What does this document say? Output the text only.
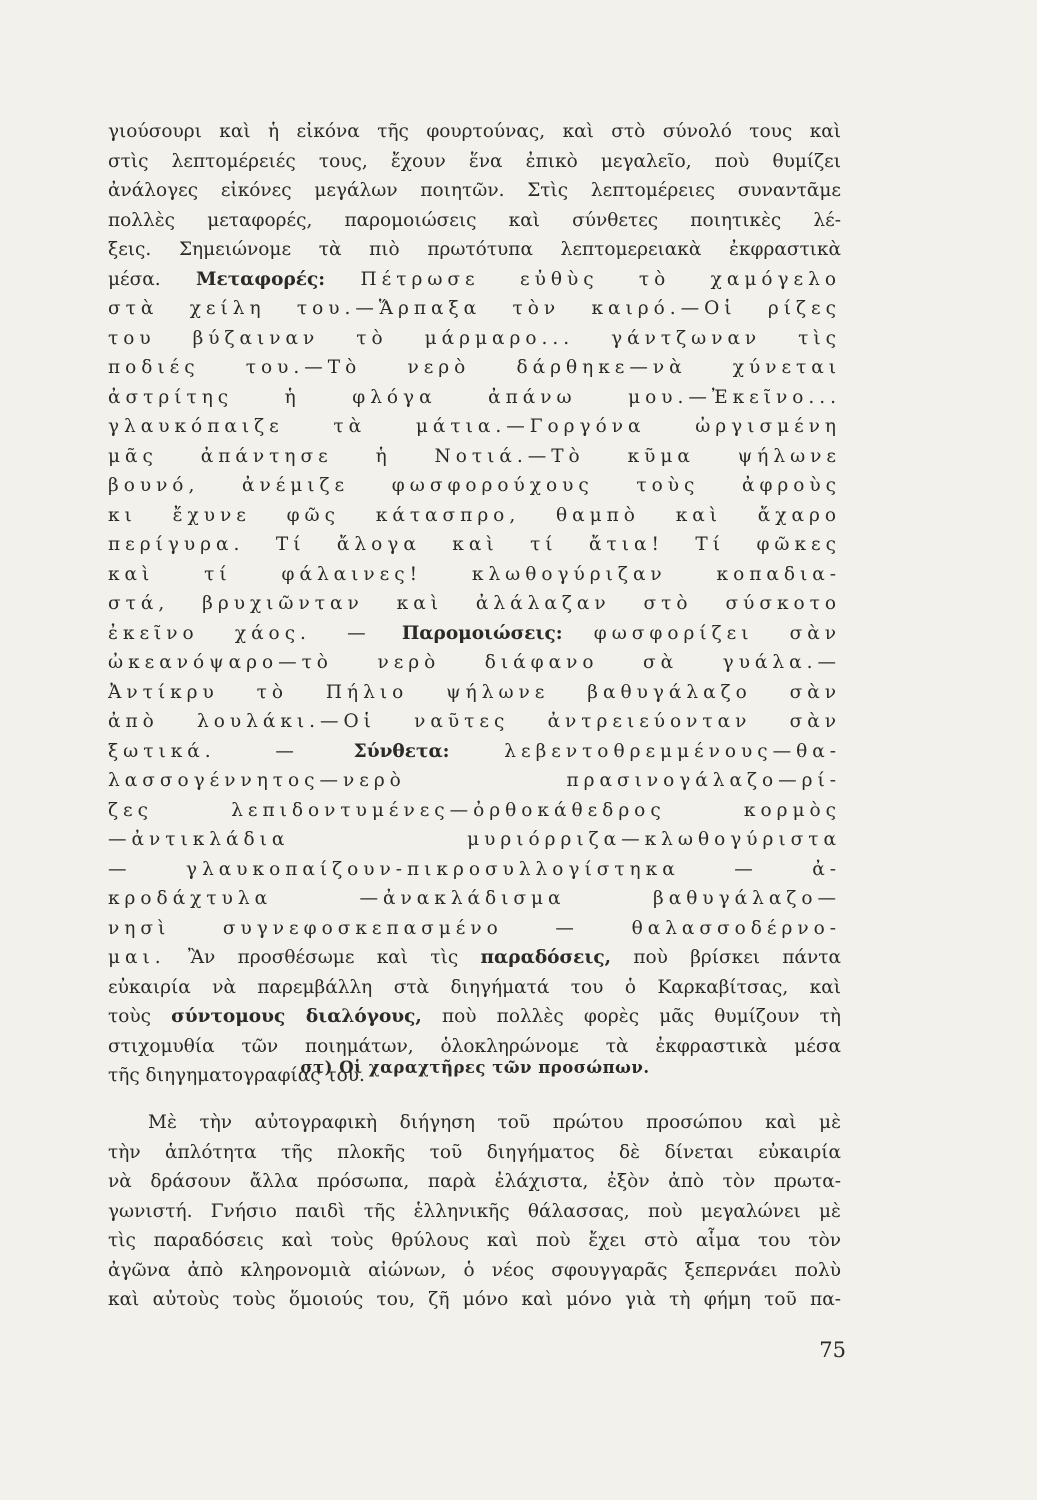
γιούσουρι καὶ ἡ εἰκόνα τῆς φουρτούνας, καὶ στὸ σύνολό τους καὶ
στὶς λεπτομέρειές τους, ἔχουν ἕνα ἐπικὸ μεγαλεῖο, ποὺ θυμίζει
ἀνάλογες εἰκόνες μεγάλων ποιητῶν. Στὶς λεπτομέρειες συναντᾶμε
πολλὲς μεταφορές, παρομοιώσεις καὶ σύνθετες ποιητικὲς λέ-
ξεις. Σημειώνομε τὰ πιὸ πρωτότυπα λεπτομερειακὰ ἐκφραστικὰ
μέσα. Μεταφορές: Πέτρωσε εὐθὺς τὸ χαμόγελο
στὰ χείλη του.—Ἅρπαξα τὸν καιρό.—Οἱ ρίζες
του βύζαιναν τὸ μάρμαρο... γάντζωναν τὶς
ποδιές του.—Τὸ νερὸ δάρθηκε—νὰ χύνεται
ἀστρίτης ἡ φλόγα ἀπάνω μου.—Ἐκεῖνο...
γλαυκόπαιζε τὰ μάτια.—Γοργόνα ὠργισμένη
μᾶς ἀπάντησε ἡ Νοτιά.—Τὸ κῦμα ψήλωνε
βουνό, ἀνέμιζε φωσφορούχους τοὺς ἀφροὺς
κι ἔχυνε φῶς κάτασπρο, θαμπὸ καὶ ἄχαρο
περίγυρα. Τί ἄλογα καὶ τί ἄτια! Τί φῶκες
καὶ τί φάλαινες! κλωθογύριζαν κοπαδια-
στά, βρυχιῶνταν καὶ ἀλάλαζαν στὸ σύσκοτο
ἐκεῖνο χάος. — Παρομοιώσεις: φωσφορίζει σὰν
ὠκεανόψαρο—τὸ νερὸ διάφανο σὰ γυάλα.—
Ἀντίκρυ τὸ Πήλιο ψήλωνε βαθυγάλαζο σὰν
ἀπὸ λουλάκι.—Οἱ ναῦτες ἀντρειεύονταν σὰν
ξωτικά. —	Σύνθετα:	λεβεντοθρεμμένους—θα-
λασσογέννητος—νερὸ πρασινογάλαζο—ρί-
ζες λεπιδοντυμένες—ὀρθοκάθεδρος κορμὸς
—ἀντικλάδια μυριόρριζα—κλωθογύριστα
— γλαυκοπαίζουν-πικροσυλλογίστηκα — ἀ-
κροδάχτυλα —ἀνακλάδισμα βαθυγάλαζο—
νησὶ συγνεφοσκεπασμένο — θαλασσοδέρνο-
μαι. Ἂν προσθέσωμε καὶ τὶς παραδόσεις, ποὺ βρίσκει πάντα
εὐκαιρία νὰ παρεμβάλλη στὰ διηγήματά του ὁ Καρκαβίτσας, καὶ
τοὺς σύντομους διαλόγους, ποὺ πολλὲς φορὲς μᾶς θυμίζουν τὴ
στιχομυθία τῶν ποιημάτων, ὁλοκληρώνομε τὰ ἐκφραστικὰ μέσα
τῆς διηγηματογραφίας του.
στ) Οἱ χαραχτῆρες τῶν προσώπων.
Μὲ τὴν αὐτογραφικὴ διήγηση τοῦ πρώτου προσώπου καὶ μὲ
τὴν ἁπλότητα τῆς πλοκῆς τοῦ διηγήματος δὲ δίνεται εὐκαιρία
νὰ δράσουν ἄλλα πρόσωπα, παρὰ ἐλάχιστα, ἐξὸν ἀπὸ τὸν πρωτα-
γωνιστή. Γνήσιο παιδὶ τῆς ἑλληνικῆς θάλασσας, ποὺ μεγαλώνει μὲ
τὶς παραδόσεις καὶ τοὺς θρύλους καὶ ποὺ ἔχει στὸ αἷμα του τὸν
ἀγῶνα ἀπὸ κληρονομιὰ αἰώνων, ὁ νέος σφουγγαρᾶς ξεπερνάει πολὺ
καὶ αὐτοὺς τοὺς ὅμοιούς του, ζῆ μόνο καὶ μόνο γιὰ τὴ φήμη τοῦ πα-
75
